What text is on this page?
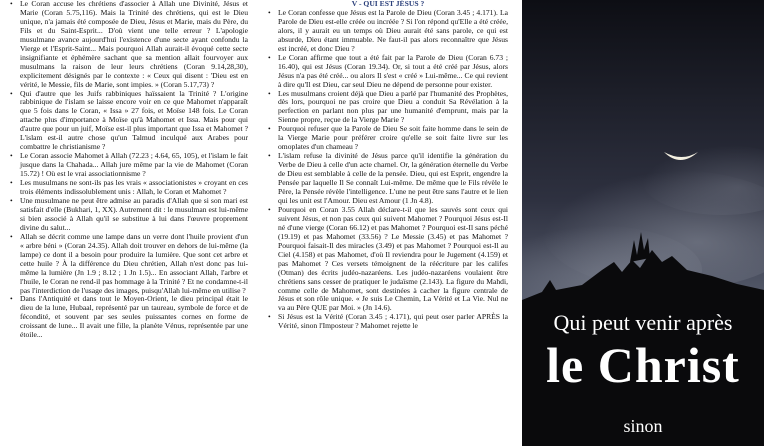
• Le Coran accuse les chrétiens d'associer à Allah une Divinité, Jésus et Marie (Coran 5.75,116). Mais la Trinité des chrétiens, qui est le Dieu unique, n'a jamais été composée de Dieu, Jésus et Marie, mais du Père, du Fils et du Saint-Esprit... D'où vient une telle erreur ? L'apologie musulmane avance aujourd'hui l'existence d'une secte ayant confondu la Vierge et l'Esprit-Saint... Mais pourquoi Allah aurait-il évoqué cette secte insignifiante et éphémère sachant que sa mention allait fourvoyer aux musulmans la raison de leur leurs chrétiens (Coran 9.14,28,30), explicitement désignés par le contexte : « Ceux qui disent : 'Dieu est en vérité, le Messie, fils de Marie, sont impies. » (Coran 5.17,73) ?

• Qui d'autre que les Juifs rabbiniques haïssaient la Trinité ? L'origine rabbinique de l'islam se laisse encore voir en ce que Mahomet n'apparaît que 5 fois dans le Coran, « Issa » 27 fois, et Moïse 148 fois. Le Coran attache plus d'importance à Moïse qu'à Mahomet et Issa. Mais pour qui d'autre que pour un juif, Moïse est-il plus important que Issa et Mahomet ? L'islam est-il autre chose qu'un Talmud inculqué aux Arabes pour combattre le christianisme ?

• Le Coran associe Mahomet à Allah (72.23 ; 4.64, 65, 105), et l'islam le fait jusque dans la Chahada... Allah jure même par la vie de Mahomet (Coran 15.72) ! Où est le vrai associationnisme ?

• Les musulmans ne sont-ils pas les vrais « associationistes » croyant en ces trois éléments indissolublement unis : Allah, le Coran et Mahomet ?

• Une musulmane ne peut être admise au paradis d'Allah que si son mari est satisfait d'elle (Bukhari, 1, XX). Autrement dit : le musulman est lui-même si bien associé à Allah qu'il se substitue à lui dans l'œuvre proprement divine du salut...

• Allah se décrit comme une lampe dans un verre dont l'huile provient d'un « arbre béni » (Coran 24.35). Allah doit trouver en dehors de lui-même (la lampe) ce dont il a besoin pour produire la lumière. Que sont cet arbre et cette huile ? À la différence du Dieu chrétien, Allah n'est donc pas lui-même la lumière (Jn 1.9 ; 8.12 ; 1 Jn 1.5)... En associant Allah, l'arbre et l'huile, le Coran ne rend-il pas hommage à la Trinité ? Et ne condamne-t-il pas l'interdiction de l'usage des images, puisqu'Allah lui-même en utilise ?

• Dans l'Antiquité et dans tout le Moyen-Orient, le dieu principal était le dieu de la lune, Hubaal, représenté par un taureau, symbole de force et de fécondité, et souvent par ses seules puissantes cornes en forme de croissant de lune... Il avait une fille, la planète Vénus, représentée par une étoile...

V - QUI EST JÉSUS ?

• Le Coran confesse que Jésus est la Parole de Dieu (Coran 3.45 ; 4.171). La Parole de Dieu est-elle créée ou incréée ? Si l'on répond qu'Elle a été créée, alors, il y aurait eu un temps où Dieu aurait été sans parole, ce qui est absurde, Dieu étant immuable. Ne faut-il pas alors reconnaître que Jésus est incréé, et donc Dieu ?

• Le Coran affirme que tout a été fait par la Parole de Dieu (Coran 6.73 ; 16.40), qui est Jésus (Coran 19.34). Or, si tout a été créé par Jésus, alors Jésus n'a pas été créé... ou alors Il s'est « créé » Lui-même... Ce qui revient à dire qu'Il est Dieu, car seul Dieu ne dépend de personne pour exister.

• Les musulmans croient déjà que Dieu a parlé par l'humanité des Prophètes, dès lors, pourquoi ne pas croire que Dieu a conduit Sa Révélation à la perfection en parlant non plus par une humanité d'emprunt, mais par la Sienne propre, reçue de la Vierge Marie ?

• Pourquoi refuser que la Parole de Dieu Se soit faite homme dans le sein de la Vierge Marie pour préférer croire qu'elle se soit faite livre sur les omoplates d'un chameau ?

• L'islam refuse la divinité de Jésus parce qu'il identifie la génération du Verbe de Dieu à celle d'un acte charnel. Or, la génération éternelle du Verbe de Dieu est semblable à celle de la pensée. Dieu, qui est Esprit, engendre la Pensée par laquelle Il Se connaît Lui-même. De même que le Fils révèle le Père, la Pensée révèle l'intelligence. L'une ne peut être sans l'autre et le lien qui les unit est l'Amour. Dieu est Amour (1 Jn 4.8).

• Pourquoi en Coran 3.55 Allah déclare-t-il que les sauvés sont ceux qui suivent Jésus, et non pas ceux qui suivent Mahomet ? Pourquoi Jésus est-Il né d'une vierge (Coran 66.12) et pas Mahomet ? Pourquoi est-Il sans péché (19.19) et pas Mahomet (33.56) ? Le Messie (3.45) et pas Mahomet ? Pourquoi faisait-Il des miracles (3.49) et pas Mahomet ? Pourquoi est-Il au Ciel (4.158) et pas Mahomet, d'où Il reviendra pour le Jugement (4.159) et pas Mahomet ? Ces versets témoignent de la réécriture par les califes (Otman) des écrits judéo-nazaréens. Les judéo-nazaréens voulaient être chrétiens sans cesser de pratiquer le judaïsme (2.143). La figure du Mahdi, comme celle de Mahomet, sont destinées à cacher la figure centrale de Jésus et son rôle unique. « Je suis Le Chemin, La Vérité et La Vie. Nul ne va au Père QUE par Moi. » (Jn 14.6).

• Si Jésus est la Vérité (Coran 3.45 ; 4.171), qui peut oser parler APRÈS la Vérité, sinon l'Imposteur ? Mahomet rejette le	Qui peut venir après
le Christ
sinon
